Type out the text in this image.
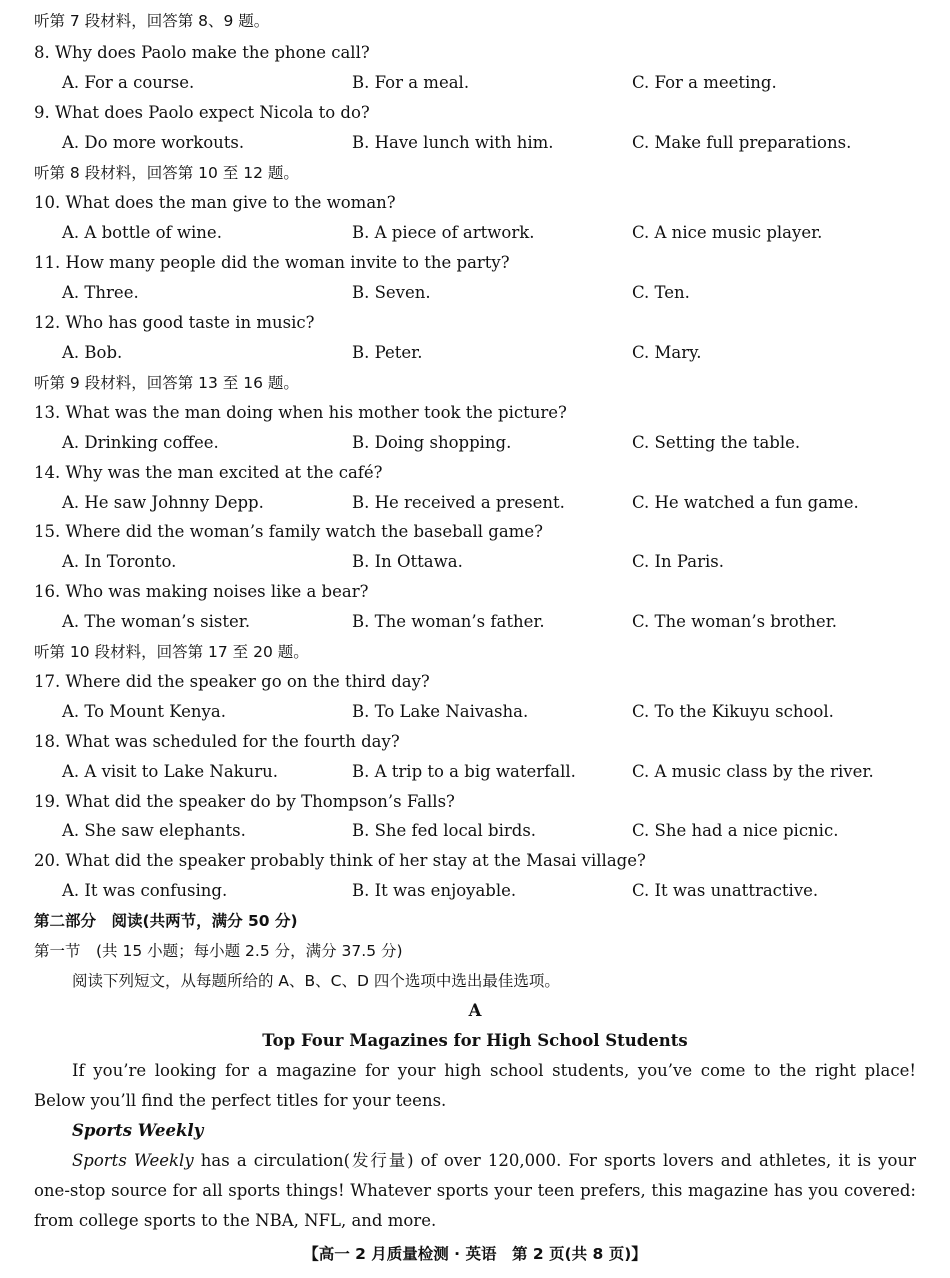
听第 7 段材料，回答第 8、9 题。
8. Why does Paolo make the phone call?
A. For a course.	B. For a meal.	C. For a meeting.
9. What does Paolo expect Nicola to do?
A. Do more workouts.	B. Have lunch with him.	C. Make full preparations.
听第 8 段材料，回答第 10 至 12 题。
10. What does the man give to the woman?
A. A bottle of wine.	B. A piece of artwork.	C. A nice music player.
11. How many people did the woman invite to the party?
A. Three.	B. Seven.	C. Ten.
12. Who has good taste in music?
A. Bob.	B. Peter.	C. Mary.
听第 9 段材料，回答第 13 至 16 题。
13. What was the man doing when his mother took the picture?
A. Drinking coffee.	B. Doing shopping.	C. Setting the table.
14. Why was the man excited at the café?
A. He saw Johnny Depp.	B. He received a present.	C. He watched a fun game.
15. Where did the woman’s family watch the baseball game?
A. In Toronto.	B. In Ottawa.	C. In Paris.
16. Who was making noises like a bear?
A. The woman’s sister.	B. The woman’s father.	C. The woman’s brother.
听第 10 段材料，回答第 17 至 20 题。
17. Where did the speaker go on the third day?
A. To Mount Kenya.	B. To Lake Naivasha.	C. To the Kikuyu school.
18. What was scheduled for the fourth day?
A. A visit to Lake Nakuru.	B. A trip to a big waterfall.	C. A music class by the river.
19. What did the speaker do by Thompson’s Falls?
A. She saw elephants.	B. She fed local birds.	C. She had a nice picnic.
20. What did the speaker probably think of her stay at the Masai village?
A. It was confusing.	B. It was enjoyable.	C. It was unattractive.
第二部分　阅读(共两节，满分 50 分)
第一节　(共 15 小题；每小题 2.5 分，满分 37.5 分)
阅读下列短文，从每题所给的 A、B、C、D 四个选项中选出最佳选项。
A
Top Four Magazines for High School Students
If you’re looking for a magazine for your high school students, you’ve come to the right place! Below you’ll find the perfect titles for your teens.
Sports Weekly
Sports Weekly has a circulation(发行量) of over 120,000. For sports lovers and athletes, it is your one-stop source for all sports things! Whatever sports your teen prefers, this magazine has you covered: from college sports to the NBA, NFL, and more.
【高一 2 月质量检测 · 英语　第 2 页(共 8 页)】
